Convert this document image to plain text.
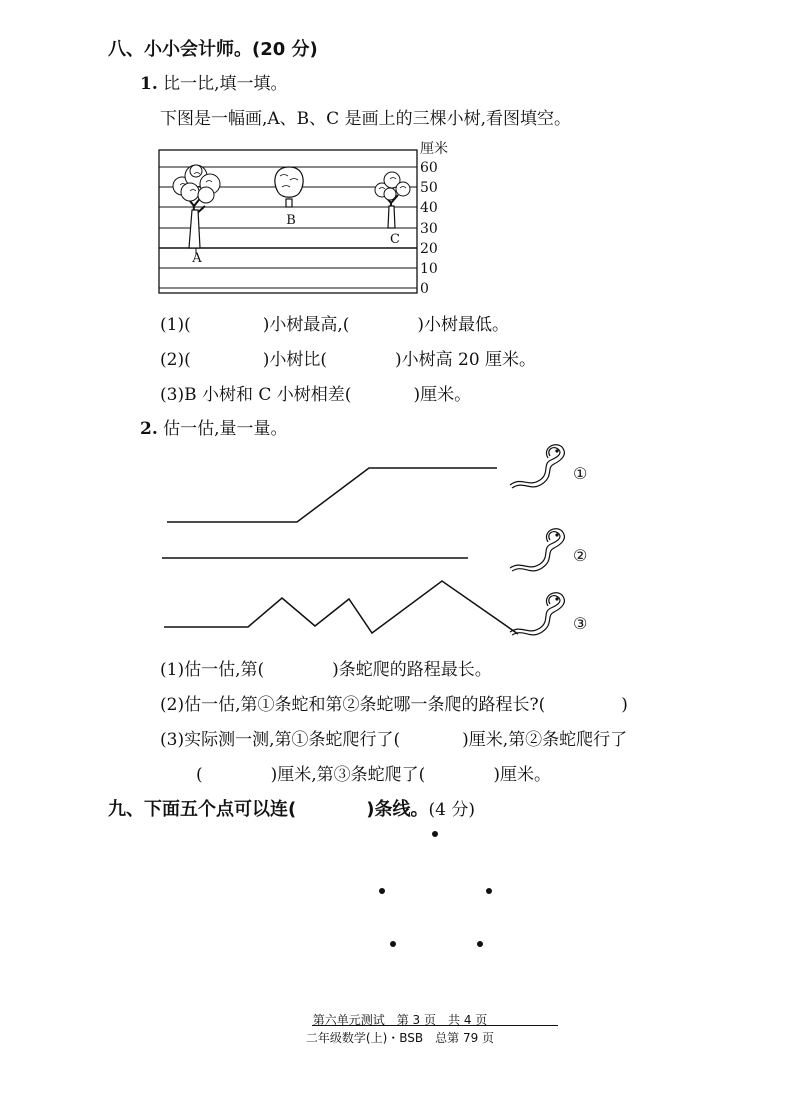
八、小小会计师。(20 分)
1. 比一比,填一填。
下图是一幅画,A、B、C 是画上的三棵小树,看图填空。
A
B
C
厘米
60
50
40
30
20
10
0
(1)(	)小树最高,(	)小树最低。
(2)(	)小树比(	)小树高 20 厘米。
(3)B 小树和 C 小树相差(	)厘米。
2. 估一估,量一量。
①
②
③
(1)估一估,第(	)条蛇爬的路程最长。
(2)估一估,第①条蛇和第②条蛇哪一条爬的路程长?(	)
(3)实际测一测,第①条蛇爬行了(	)厘米,第②条蛇爬行了
(	)厘米,第③条蛇爬了(	)厘米。
九、下面五个点可以连(	)条线。(4 分)
第六单元测试　第 3 页　共 4 页
二年级数学(上)・BSB　总第 79 页
